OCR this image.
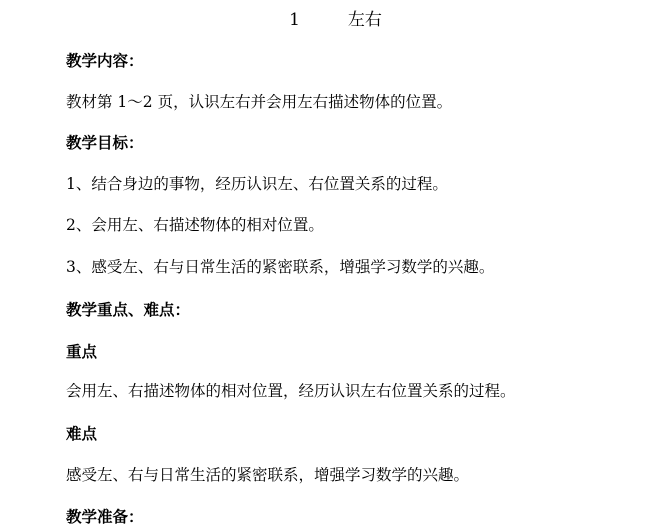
1	左右
教学内容：
教材第 1～2 页，认识左右并会用左右描述物体的位置。
教学目标：
1、结合身边的事物，经历认识左、右位置关系的过程。
2、会用左、右描述物体的相对位置。
3、感受左、右与日常生活的紧密联系，增强学习数学的兴趣。
教学重点、难点：
重点
会用左、右描述物体的相对位置，经历认识左右位置关系的过程。
难点
感受左、右与日常生活的紧密联系，增强学习数学的兴趣。
教学准备：
